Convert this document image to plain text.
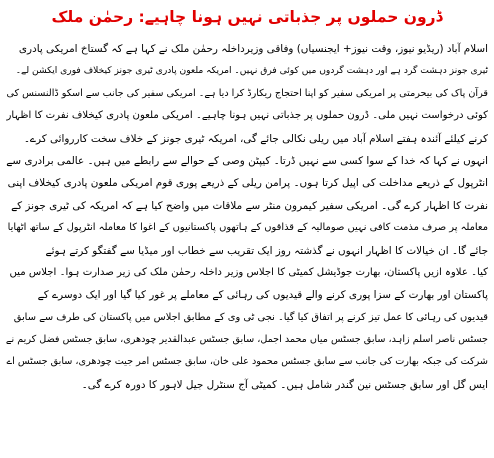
ڈرون حملوں پر جذباتی نہیں ہونا چاہیے: رحمٰن ملک
اسلام آباد (ریڈیو نیوز، وقت نیوز+ ایجنسیاں) وفاقی وزیرداخلہ رحمٰن ملک نے کہا ہے کہ گستاخ امریکی پادری
ٹیری جونز دہشت گرد ہے اور دہشت گردوں میں کوئی فرق نہیں۔ امریکہ ملعون پادری ٹیری جونز کیخلاف فوری ایکشن لے۔
قرآن پاک کی بیحرمتی پر امریکی سفیر کو اپنا احتجاج ریکارڈ کرا دیا ہے۔ امریکی سفیر کی جانب سے اسکو ڈالنسنس کی
کوئی درخواست نہیں ملی۔ ڈرون حملوں پر جذباتی نہیں ہونا چاہیے۔ امریکی ملعون پادری کیخلاف نفرت کا اظہار
کرنے کیلئے آئندہ ہفتے اسلام آباد میں ریلی نکالی جائے گی، امریکہ ٹیری جونز کے خلاف سخت کارروائی کرے۔
انہوں نے کہا کہ خدا کے سوا کسی سے نہیں ڈرتا۔ کیپٹن وصی کے حوالے سے رابطے میں ہیں۔ عالمی برادری سے
انٹرپول کے ذریعے مداخلت کی اپیل کرتا ہوں۔ پرامن ریلی کے ذریعے پوری قوم امریکی ملعون پادری کیخلاف اپنی
نفرت کا اظہار کرے گی۔ امریکی سفیر کیمرون منٹر سے ملاقات میں واضح کیا ہے کہ امریکہ کی ٹیری جونز کے
معاملہ پر صرف مذمت کافی نہیں صومالیہ کے قذاقوں کے ہاتھوں پاکستانیوں کے اغوا کا معاملہ انٹرپول کے ساتھ اٹھایا
جائے گا۔ ان خیالات کا اظہار انہوں نے گذشتہ روز ایک تقریب سے خطاب اور میڈیا سے گفتگو کرتے ہوئے
کیا۔ علاوہ ازیں پاکستان، بھارت جوڈیشل کمیٹی کا اجلاس وزیر داخلہ رحمٰن ملک کی زیر صدارت ہوا۔ اجلاس میں
پاکستان اور بھارت کے سزا پوری کرنے والے قیدیوں کی رہائی کے معاملے پر غور کیا گیا اور ایک دوسرے کے
قیدیوں کی رہائی کا عمل تیز کرنے پر اتفاق کیا گیا۔ نجی ٹی وی کے مطابق اجلاس میں پاکستان کی طرف سے سابق
جسٹس ناصر اسلم زاہد، سابق جسٹس میاں محمد اجمل، سابق جسٹس عبدالقدیر چودھری، سابق جسٹس فضل کریم نے
شرکت کی جبکہ بھارت کی جانب سے سابق جسٹس محمود علی خان، سابق جسٹس امر جیت چودھری، سابق جسٹس اے
ایس گل اور سابق جسٹس نین گندر شامل ہیں۔ کمیٹی آج سنٹرل جیل لاہور کا دورہ کرے گی۔
